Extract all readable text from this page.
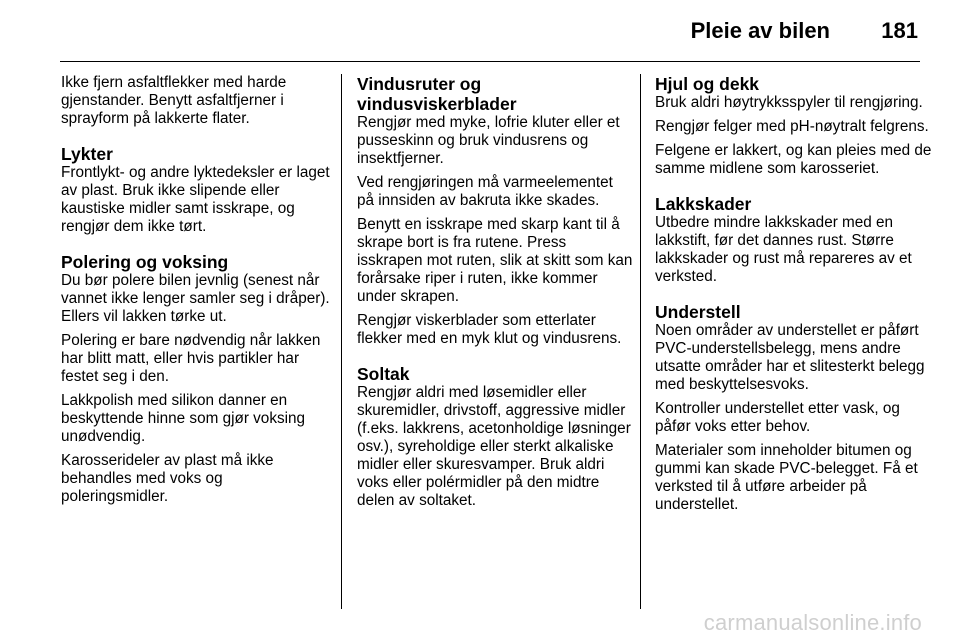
Pleie av bilen 181

Ikke fjern asfaltflekker med harde gjenstander. Benytt asfaltfjerner i sprayform på lakkerte flater.

Lykter

Frontlykt- og andre lyktedeksler er laget av plast. Bruk ikke slipende eller kaustiske midler samt isskrape, og rengjør dem ikke tørt.

Polering og voksing

Du bør polere bilen jevnlig (senest når vannet ikke lenger samler seg i dråper). Ellers vil lakken tørke ut.

Polering er bare nødvendig når lakken har blitt matt, eller hvis partikler har festet seg i den.

Lakkpolish med silikon danner en beskyttende hinne som gjør voksing unødvendig.

Karosserideler av plast må ikke behandles med voks og poleringsmidler.

Vindusruter og vindusviskerblader

Rengjør med myke, lofrie kluter eller et pusseskinn og bruk vindusrens og insektfjerner.

Ved rengjøringen må varmeelementet på innsiden av bakruta ikke skades.

Benytt en isskrape med skarp kant til å skrape bort is fra rutene. Press isskrapen mot ruten, slik at skitt som kan forårsake riper i ruten, ikke kommer under skrapen.

Rengjør viskerblader som etterlater flekker med en myk klut og vindusrens.

Soltak

Rengjør aldri med løsemidler eller skuremidler, drivstoff, aggressive midler (f.eks. lakkrens, acetonholdige løsninger osv.), syreholdige eller sterkt alkaliske midler eller skuresvamper. Bruk aldri voks eller polérmidler på den midtre delen av soltaket.

Hjul og dekk

Bruk aldri høytrykksspyler til rengjøring.

Rengjør felger med pH-nøytralt felgrens.

Felgene er lakkert, og kan pleies med de samme midlene som karosseriet.

Lakkskader

Utbedre mindre lakkskader med en lakkstift, før det dannes rust. Større lakkskader og rust må repareres av et verksted.

Understell

Noen områder av understellet er påført PVC-understellsbelegg, mens andre utsatte områder har et slitesterkt belegg med beskyttelsesvoks.

Kontroller understellet etter vask, og påfør voks etter behov.

Materialer som inneholder bitumen og gummi kan skade PVC-belegget. Få et verksted til å utføre arbeider på understellet.

carmanualsonline.info
